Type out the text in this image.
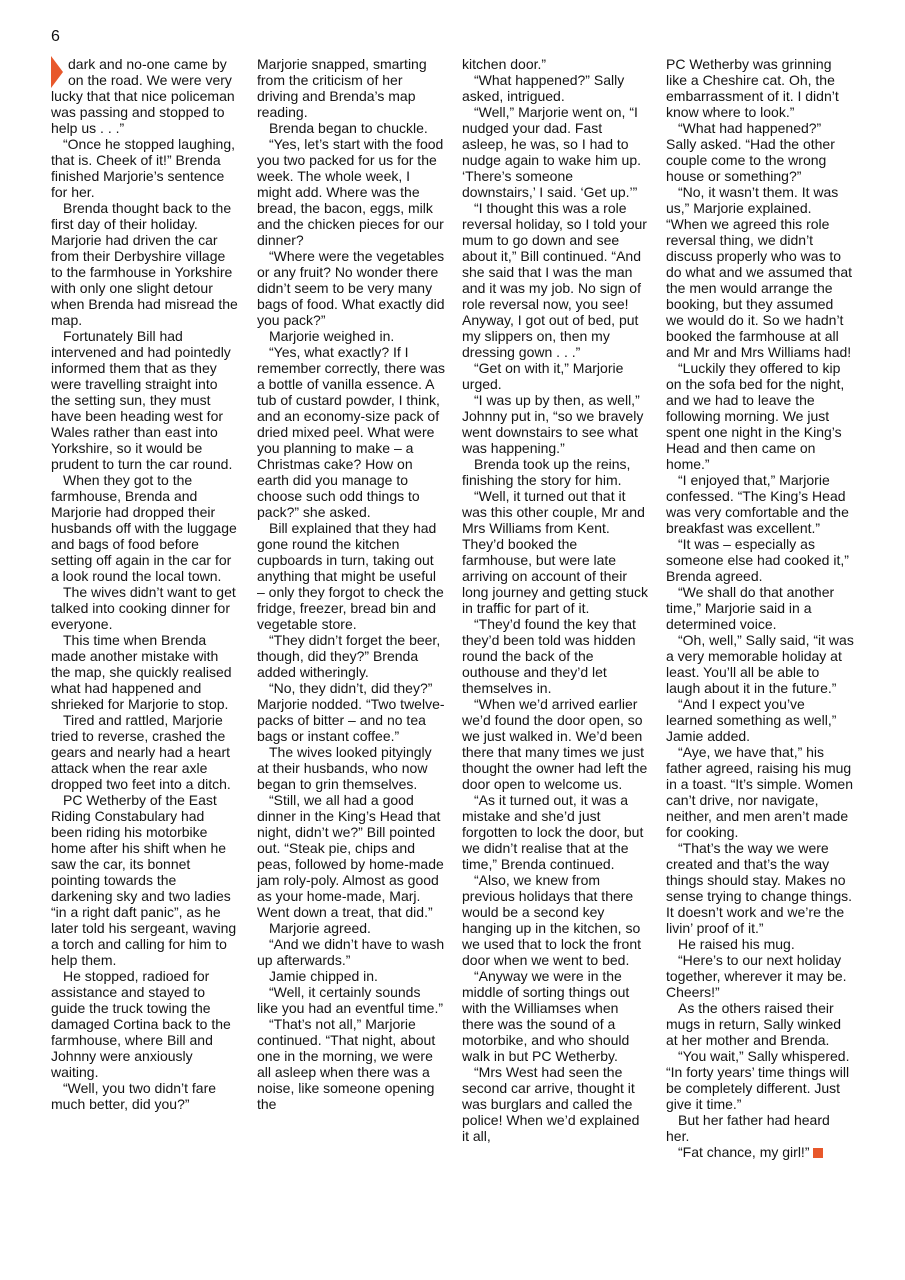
6

dark and no-one came by on the road. We were very lucky that that nice policeman was passing and stopped to help us . . .”

“Once he stopped laughing, that is. Cheek of it!” Brenda finished Marjorie’s sentence for her.

Brenda thought back to the first day of their holiday. Marjorie had driven the car from their Derbyshire village to the farmhouse in Yorkshire with only one slight detour when Brenda had misread the map.

Fortunately Bill had intervened and had pointedly informed them that as they were travelling straight into the setting sun, they must have been heading west for Wales rather than east into Yorkshire, so it would be prudent to turn the car round.

When they got to the farmhouse, Brenda and Marjorie had dropped their husbands off with the luggage and bags of food before setting off again in the car for a look round the local town.

The wives didn’t want to get talked into cooking dinner for everyone.

This time when Brenda made another mistake with the map, she quickly realised what had happened and shrieked for Marjorie to stop.

Tired and rattled, Marjorie tried to reverse, crashed the gears and nearly had a heart attack when the rear axle dropped two feet into a ditch.

PC Wetherby of the East Riding Constabulary had been riding his motorbike home after his shift when he saw the car, its bonnet pointing towards the darkening sky and two ladies “in a right daft panic”, as he later told his sergeant, waving a torch and calling for him to help them.

He stopped, radioed for assistance and stayed to guide the truck towing the damaged Cortina back to the farmhouse, where Bill and Johnny were anxiously waiting.

“Well, you two didn’t fare much better, did you?”

Marjorie snapped, smarting from the criticism of her driving and Brenda’s map reading.

Brenda began to chuckle.

“Yes, let’s start with the food you two packed for us for the week. The whole week, I might add. Where was the bread, the bacon, eggs, milk and the chicken pieces for our dinner?

“Where were the vegetables or any fruit? No wonder there didn’t seem to be very many bags of food. What exactly did you pack?”

Marjorie weighed in.

“Yes, what exactly? If I remember correctly, there was a bottle of vanilla essence. A tub of custard powder, I think, and an economy-size pack of dried mixed peel. What were you planning to make – a Christmas cake? How on earth did you manage to choose such odd things to pack?” she asked.

Bill explained that they had gone round the kitchen cupboards in turn, taking out anything that might be useful – only they forgot to check the fridge, freezer, bread bin and vegetable store.

“They didn’t forget the beer, though, did they?” Brenda added witheringly.

“No, they didn’t, did they?” Marjorie nodded. “Two twelve-packs of bitter – and no tea bags or instant coffee.”

The wives looked pityingly at their husbands, who now began to grin themselves.

“Still, we all had a good dinner in the King’s Head that night, didn’t we?” Bill pointed out. “Steak pie, chips and peas, followed by home-made jam roly-poly. Almost as good as your home-made, Marj. Went down a treat, that did.”

Marjorie agreed.

“And we didn’t have to wash up afterwards.”

Jamie chipped in.

“Well, it certainly sounds like you had an eventful time.”

“That’s not all,” Marjorie continued. “That night, about one in the morning, we were all asleep when there was a noise, like someone opening the

kitchen door.”

“What happened?” Sally asked, intrigued.

“Well,” Marjorie went on, “I nudged your dad. Fast asleep, he was, so I had to nudge again to wake him up. ‘There’s someone downstairs,’ I said. ‘Get up.’”

“I thought this was a role reversal holiday, so I told your mum to go down and see about it,” Bill continued. “And she said that I was the man and it was my job. No sign of role reversal now, you see! Anyway, I got out of bed, put my slippers on, then my dressing gown . . .”

“Get on with it,” Marjorie urged.

“I was up by then, as well,” Johnny put in, “so we bravely went downstairs to see what was happening.”

Brenda took up the reins, finishing the story for him.

“Well, it turned out that it was this other couple, Mr and Mrs Williams from Kent. They’d booked the farmhouse, but were late arriving on account of their long journey and getting stuck in traffic for part of it.

“They’d found the key that they’d been told was hidden round the back of the outhouse and they’d let themselves in.

“When we’d arrived earlier we’d found the door open, so we just walked in. We’d been there that many times we just thought the owner had left the door open to welcome us.

“As it turned out, it was a mistake and she’d just forgotten to lock the door, but we didn’t realise that at the time,” Brenda continued.

“Also, we knew from previous holidays that there would be a second key hanging up in the kitchen, so we used that to lock the front door when we went to bed.

“Anyway we were in the middle of sorting things out with the Williamses when there was the sound of a motorbike, and who should walk in but PC Wetherby.

“Mrs West had seen the second car arrive, thought it was burglars and called the police! When we’d explained it all,

PC Wetherby was grinning like a Cheshire cat. Oh, the embarrassment of it. I didn’t know where to look.”

“What had happened?” Sally asked. “Had the other couple come to the wrong house or something?”

“No, it wasn’t them. It was us,” Marjorie explained. “When we agreed this role reversal thing, we didn’t discuss properly who was to do what and we assumed that the men would arrange the booking, but they assumed we would do it. So we hadn’t booked the farmhouse at all and Mr and Mrs Williams had!

“Luckily they offered to kip on the sofa bed for the night, and we had to leave the following morning. We just spent one night in the King’s Head and then came on home.”

“I enjoyed that,” Marjorie confessed. “The King’s Head was very comfortable and the breakfast was excellent.”

“It was – especially as someone else had cooked it,” Brenda agreed.

“We shall do that another time,” Marjorie said in a determined voice.

“Oh, well,” Sally said, “it was a very memorable holiday at least. You’ll all be able to laugh about it in the future.”

“And I expect you’ve learned something as well,” Jamie added.

“Aye, we have that,” his father agreed, raising his mug in a toast. “It’s simple. Women can’t drive, nor navigate, neither, and men aren’t made for cooking.

“That’s the way we were created and that’s the way things should stay. Makes no sense trying to change things. It doesn’t work and we’re the livin’ proof of it.”

He raised his mug.

“Here’s to our next holiday together, wherever it may be. Cheers!”

As the others raised their mugs in return, Sally winked at her mother and Brenda.

“You wait,” Sally whispered. “In forty years’ time things will be completely different. Just give it time.”

But her father had heard her.

“Fat chance, my girl!”
